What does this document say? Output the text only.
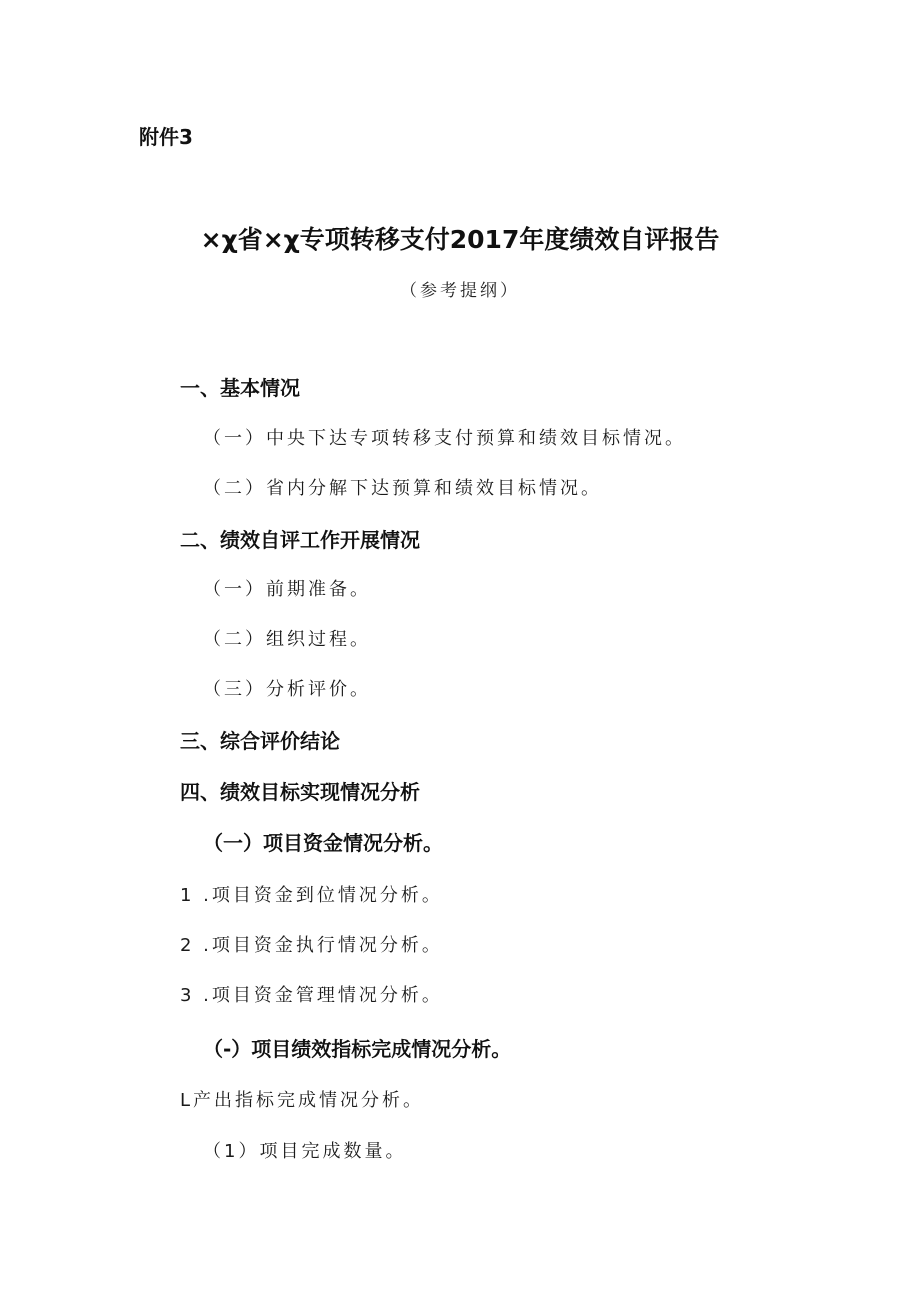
附件3
×χ省×χ专项转移支付2017年度绩效自评报告
（参考提纲）
一、基本情况
（一）中央下达专项转移支付预算和绩效目标情况。
（二）省内分解下达预算和绩效目标情况。
二、绩效自评工作开展情况
（一）前期准备。
（二）组织过程。
（三）分析评价。
三、综合评价结论
四、绩效目标实现情况分析
（一）项目资金情况分析。
1 .项目资金到位情况分析。
2 .项目资金执行情况分析。
3 .项目资金管理情况分析。
（-）项目绩效指标完成情况分析。
L产出指标完成情况分析。
（1）项目完成数量。
